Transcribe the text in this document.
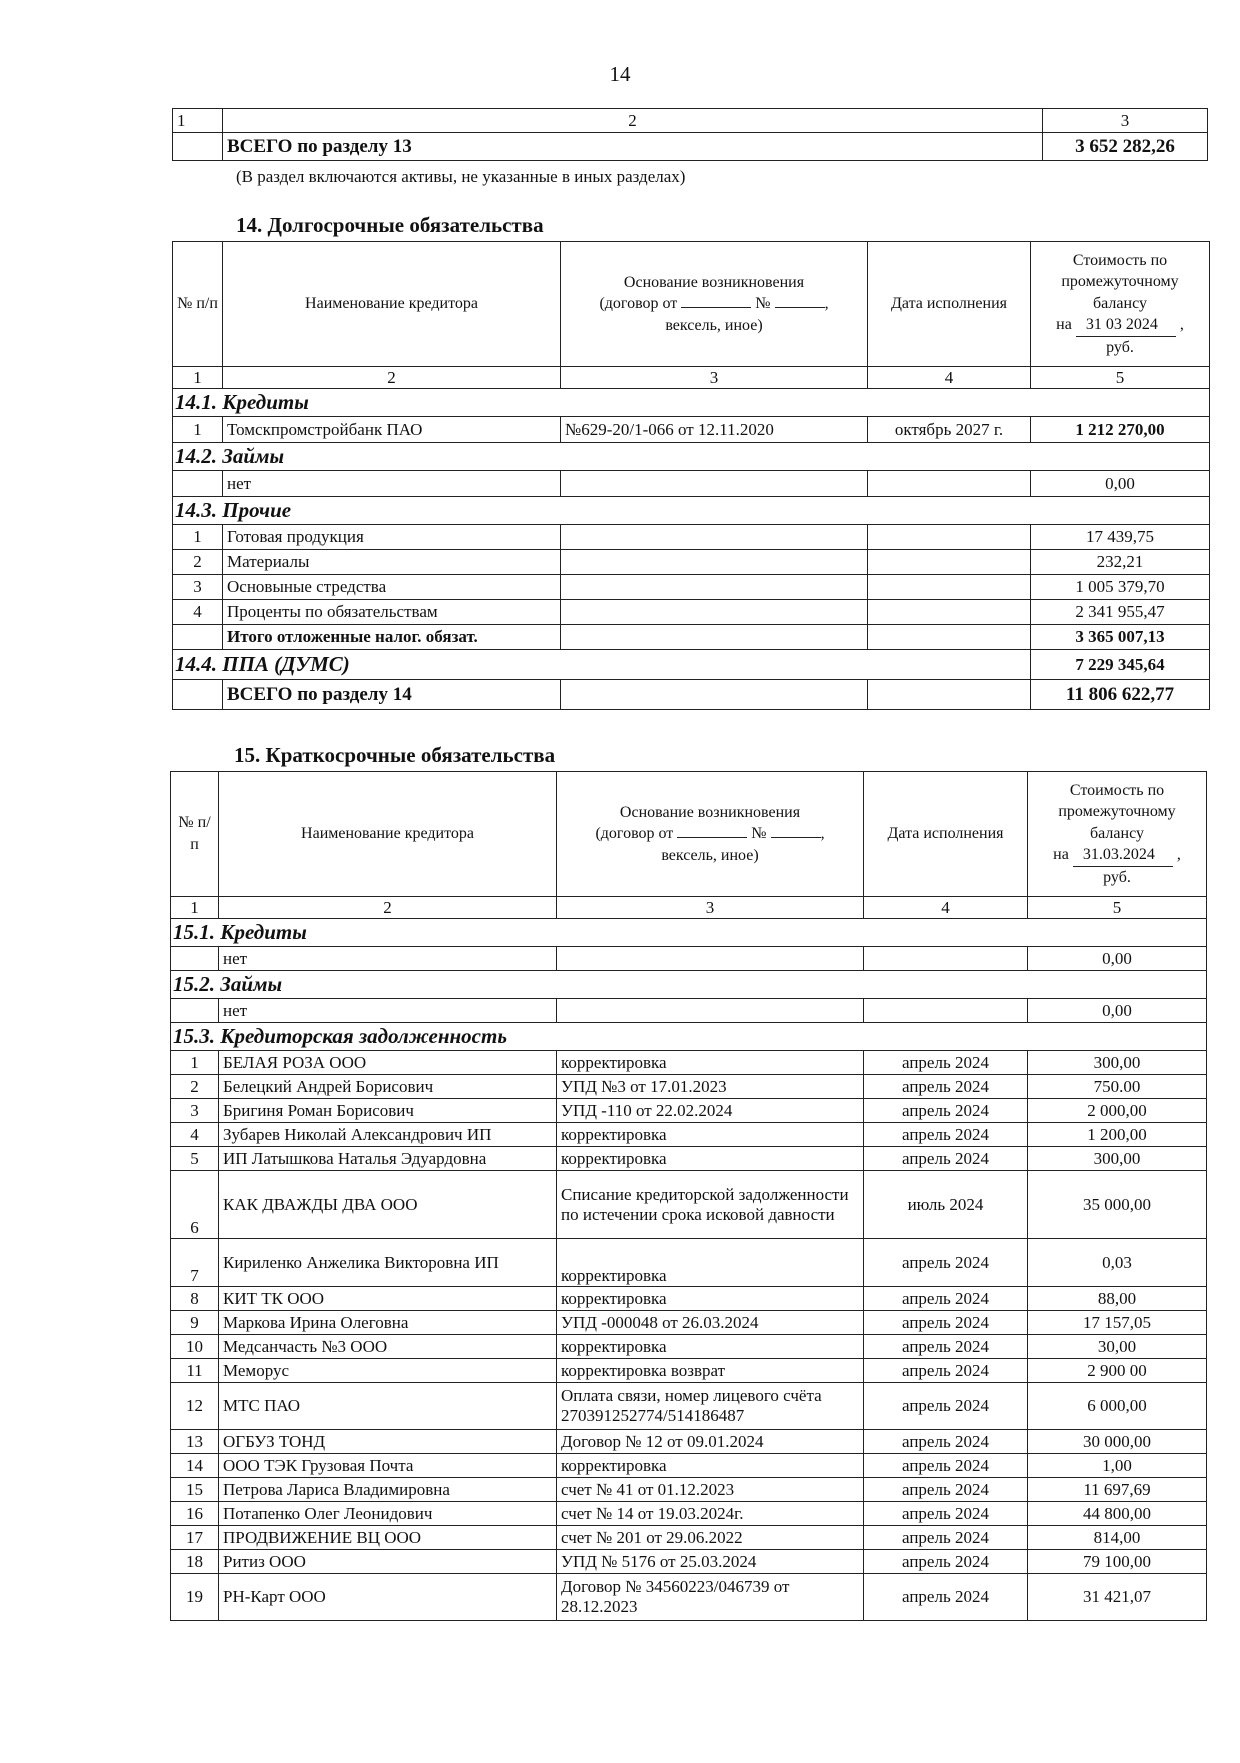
14
1	2	3
	ВСЕГО по разделу 13	3 652 282,26
(В раздел включаются активы, не указанные в иных разделах)
14. Долгосрочные обязательства
№ п/п	Наименование кредитора	Основание возникновения
(договор от № ,
вексель, иное)	Дата исполнения	Стоимость по промежуточному балансу
на 31 03 2024 ,
руб.
1	2	3	4	5
14.1. Кредиты				
1	Томскпромстройбанк ПАО	№629-20/1-066 от 12.11.2020	октябрь 2027 г.	1 212 270,00
14.2. Займы				
	нет			0,00
14.3. Прочие				
1	Готовая продукция			17 439,75
2	Материалы			232,21
3	Основыные стредства			1 005 379,70
4	Проценты по обязательствам			2 341 955,47
	Итого отложенные налог. обязат.			3 365 007,13
14.4. ППА (ДУМС)				7 229 345,64
	ВСЕГО по разделу 14			11 806 622,77
15. Краткосрочные обязательства
№ п/п	Наименование кредитора	Основание возникновения
(договор от № ,
вексель, иное)	Дата исполнения	Стоимость по промежуточному балансу
на 31.03.2024 ,
руб.
1	2	3	4	5
15.1. Кредиты				
	нет			0,00
15.2. Займы				
	нет			0,00
15.3. Кредиторская задолженность				
1	БЕЛАЯ РОЗА ООО	корректировка	апрель 2024	300,00
2	Белецкий Андрей Борисович	УПД №3 от 17.01.2023	апрель 2024	750.00
3	Бригиня Роман Борисович	УПД -110 от 22.02.2024	апрель 2024	2 000,00
4	Зубарев Николай Александрович ИП	корректировка	апрель 2024	1 200,00
5	ИП Латышкова Наталья Эдуардовна	корректировка	апрель 2024	300,00
6	КАК ДВАЖДЫ ДВА ООО	Списание кредиторской задолженности по истечении срока исковой давности	июль 2024	35 000,00
7	Кириленко Анжелика Викторовна ИП	корректировка	апрель 2024	0,03
8	КИТ ТК ООО	корректировка	апрель 2024	88,00
9	Маркова Ирина Олеговна	УПД -000048 от 26.03.2024	апрель 2024	17 157,05
10	Медсанчасть №3 ООО	корректировка	апрель 2024	30,00
11	Меморус	корректировка возврат	апрель 2024	2 900 00
12	МТС ПАО	Оплата связи, номер лицевого счёта 270391252774/514186487	апрель 2024	6 000,00
13	ОГБУЗ ТОНД	Договор № 12 от 09.01.2024	апрель 2024	30 000,00
14	ООО ТЭК Грузовая Почта	корректировка	апрель 2024	1,00
15	Петрова Лариса Владимировна	счет № 41 от 01.12.2023	апрель 2024	11 697,69
16	Потапенко Олег Леонидович	счет № 14 от 19.03.2024г.	апрель 2024	44 800,00
17	ПРОДВИЖЕНИЕ ВЦ ООО	счет № 201 от 29.06.2022	апрель 2024	814,00
18	Ритиз ООО	УПД № 5176 от 25.03.2024	апрель 2024	79 100,00
19	РН-Карт ООО	Договор № 34560223/046739 от 28.12.2023	апрель 2024	31 421,07
